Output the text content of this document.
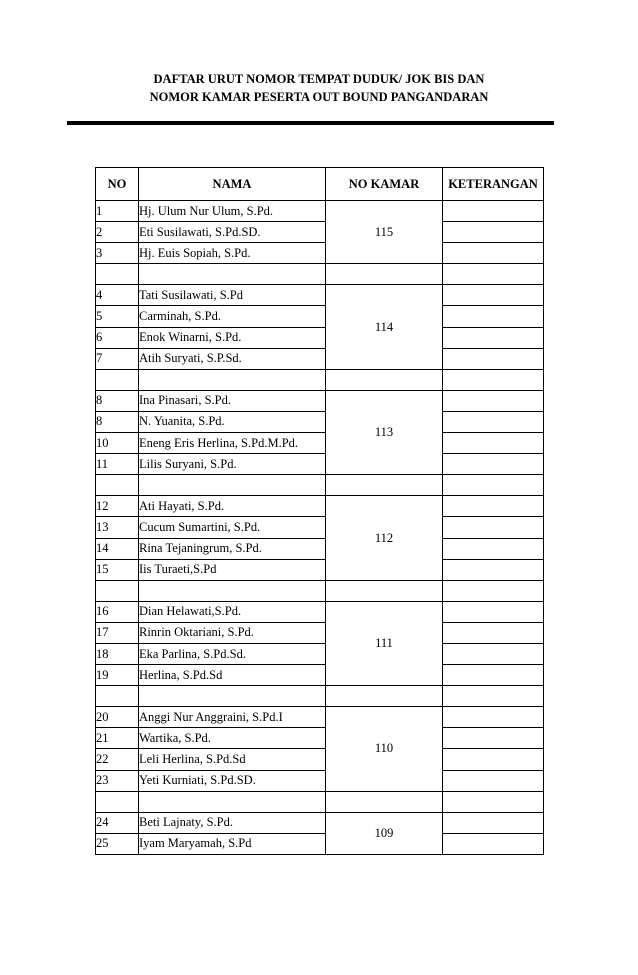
DAFTAR URUT NOMOR TEMPAT DUDUK/ JOK BIS DAN
NOMOR KAMAR PESERTA OUT BOUND PANGANDARAN
NO	NAMA	NO KAMAR	KETERANGAN
1	Hj. Ulum Nur Ulum, S.Pd.	115	
2	Eti Susilawati, S.Pd.SD.		
3	Hj. Euis Sopiah, S.Pd.		

4	Tati Susilawati, S.Pd	114	
5	Carminah, S.Pd.		
6	Enok Winarni, S.Pd.		
7	Atih Suryati, S.P.Sd.		

8	Ina Pinasari, S.Pd.	113	
8	N. Yuanita, S.Pd.		
10	Eneng Eris Herlina, S.Pd.M.Pd.		
11	Lilis Suryani, S.Pd.		

12	Ati Hayati, S.Pd.	112	
13	Cucum Sumartini, S.Pd.		
14	Rina Tejaningrum, S.Pd.		
15	Iis Turaeti,S.Pd		

16	Dian Helawati,S.Pd.	111	
17	Rinrin Oktariani, S.Pd.		
18	Eka Parlina, S.Pd.Sd.		
19	Herlina, S.Pd.Sd		

20	Anggi Nur Anggraini, S.Pd.I	110	
21	Wartika, S.Pd.		
22	Leli Herlina, S.Pd.Sd		
23	Yeti Kurniati, S.Pd.SD.		

24	Beti Lajnaty, S.Pd.	109	
25	Iyam Maryamah, S.Pd		
